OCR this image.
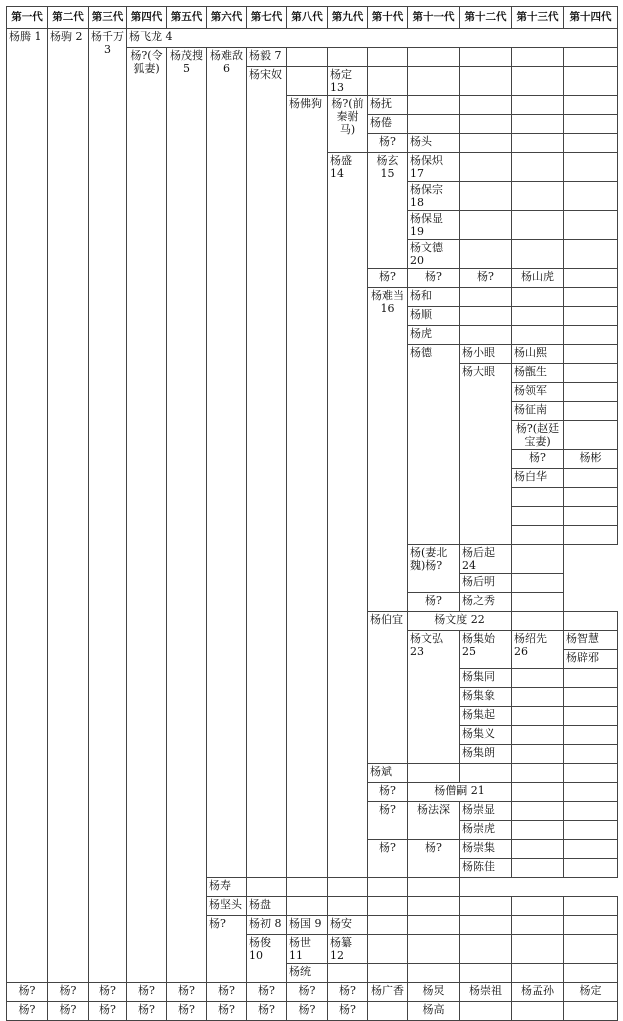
第一代	第二代	第三代	第四代	第五代	第六代	第七代	第八代	第九代	第十代	第十一代	第十二代	第十三代	第十四代
杨腾 1	杨驹 2	杨千万 3	杨飞龙 4										
			杨?(令狐妻)	杨茂搜 5	杨难敌 6	杨毅 7							
						杨宋奴		杨定 13					
							杨佛狗	杨?(前秦驸马)	杨抚				
									杨倦				
									杨?	杨头			
								杨盛 14	杨玄 15	杨保炽 17			
										杨保宗 18			
										杨保显 19			
										杨文德 20			
									杨?	杨?	杨?	杨山虎	
									杨难当 16	杨和			
										杨顺			
										杨虎			
										杨德	杨小眼	杨山熙	
											杨大眼	杨甑生	
												杨领军	
												杨征南	
												杨?(赵廷宝妻)	
												杨?	杨彬
												杨白华	

										杨(妻北魏)杨?	杨后起 24		
											杨后明		
										杨?	杨之秀		
									杨伯宜	杨文度 22			
										杨文弘 23	杨集始 25	杨绍先 26	杨智慧
													杨辟邪
											杨集同		
											杨集象		
											杨集起		
											杨集义		
											杨集朗		
									杨斌				
									杨?	杨僧嗣 21			
									杨?	杨法深	杨崇显		
											杨崇虎		
									杨?	杨?	杨崇集		
											杨陈佳		
					杨寿								
					杨坚头	杨盘							
					杨?	杨初 8	杨国 9	杨安					
						杨俊 10	杨世 11	杨纂 12					
							杨统						
杨?	杨?	杨?	杨?	杨?	杨?	杨?	杨?	杨?	杨广香	杨炅	杨崇祖	杨孟孙	杨定
杨?	杨?	杨?	杨?	杨?	杨?	杨?	杨?	杨?		杨高			
